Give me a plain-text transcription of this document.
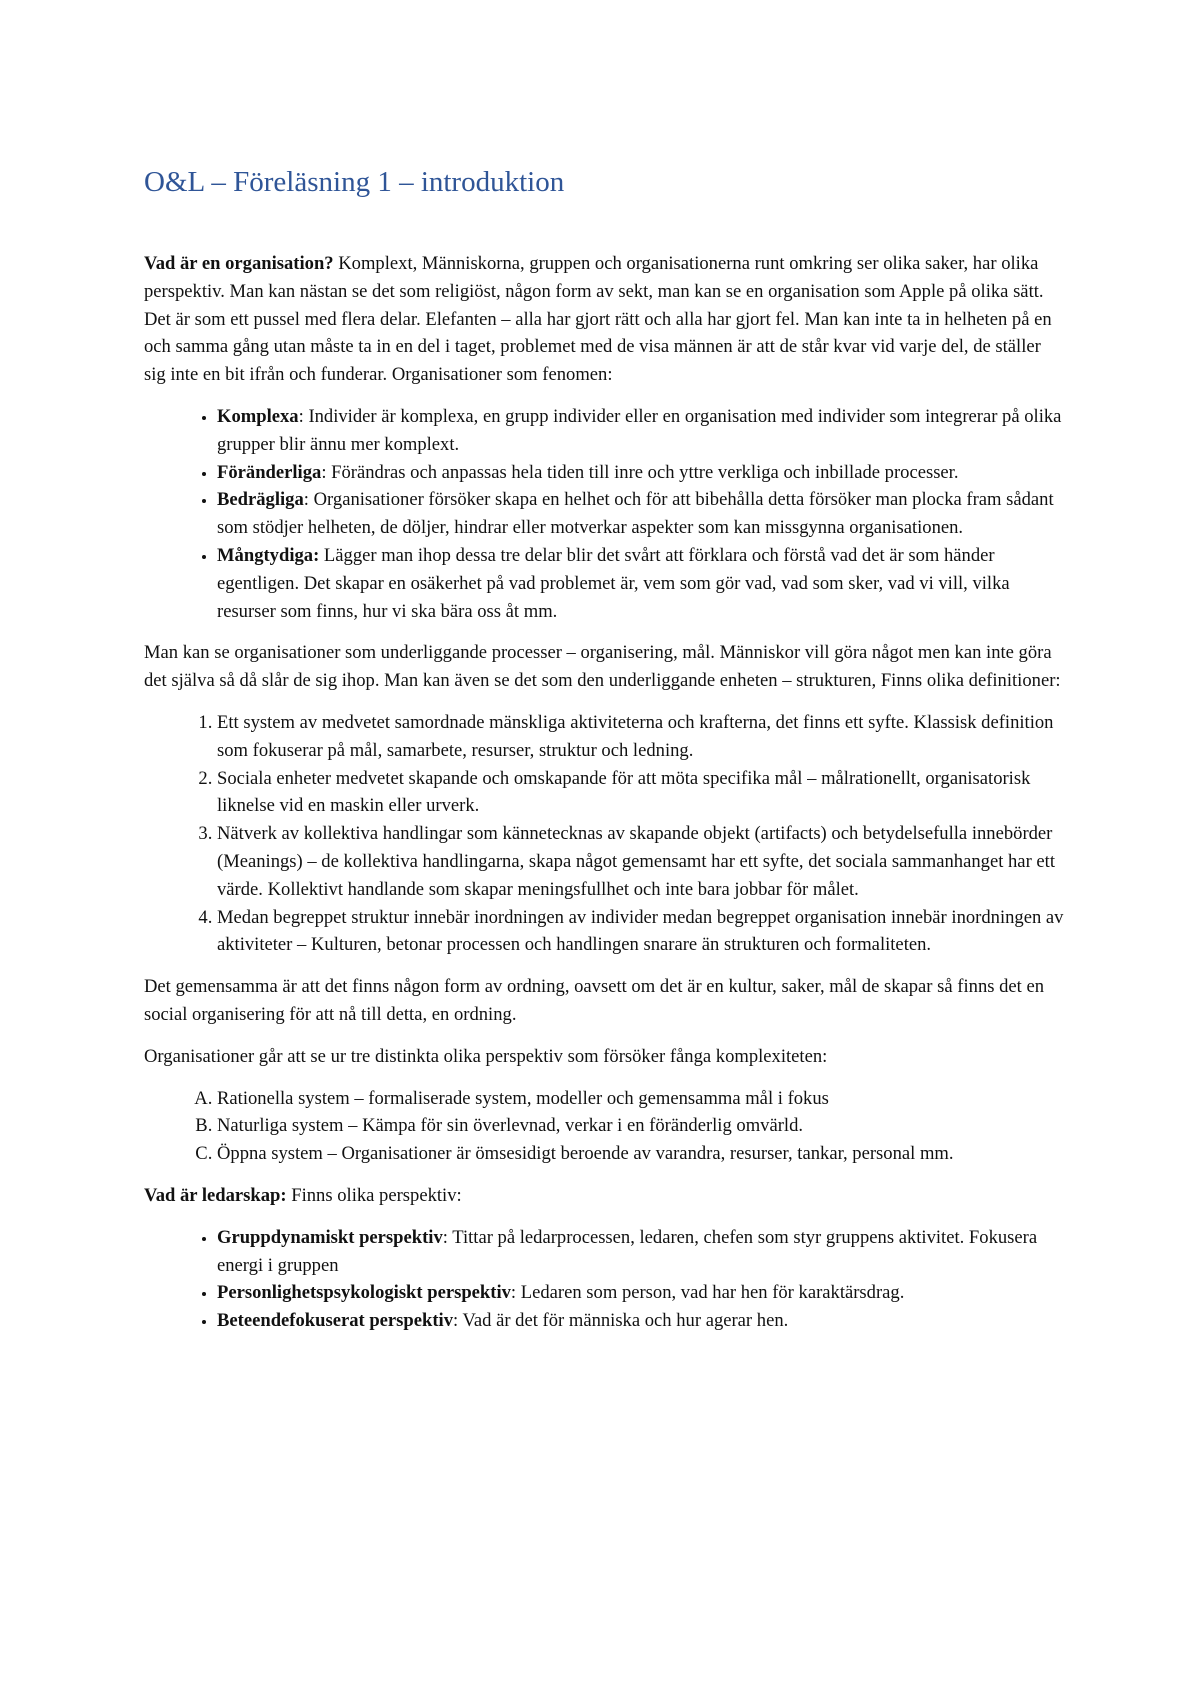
O&L – Föreläsning 1 – introduktion

Vad är en organisation? Komplext, Människorna, gruppen och organisationerna runt omkring ser olika saker, har olika perspektiv. Man kan nästan se det som religiöst, någon form av sekt, man kan se en organisation som Apple på olika sätt. Det är som ett pussel med flera delar. Elefanten – alla har gjort rätt och alla har gjort fel. Man kan inte ta in helheten på en och samma gång utan måste ta in en del i taget, problemet med de visa männen är att de står kvar vid varje del, de ställer sig inte en bit ifrån och funderar. Organisationer som fenomen:

• Komplexa: Individer är komplexa, en grupp individer eller en organisation med individer som integrerar på olika grupper blir ännu mer komplext.
• Föränderliga: Förändras och anpassas hela tiden till inre och yttre verkliga och inbillade processer.
• Bedrägliga: Organisationer försöker skapa en helhet och för att bibehålla detta försöker man plocka fram sådant som stödjer helheten, de döljer, hindrar eller motverkar aspekter som kan missgynna organisationen.
• Mångtydiga: Lägger man ihop dessa tre delar blir det svårt att förklara och förstå vad det är som händer egentligen. Det skapar en osäkerhet på vad problemet är, vem som gör vad, vad som sker, vad vi vill, vilka resurser som finns, hur vi ska bära oss åt mm.

Man kan se organisationer som underliggande processer – organisering, mål. Människor vill göra något men kan inte göra det själva så då slår de sig ihop. Man kan även se det som den underliggande enheten – strukturen, Finns olika definitioner:

1. Ett system av medvetet samordnade mänskliga aktiviteterna och krafterna, det finns ett syfte. Klassisk definition som fokuserar på mål, samarbete, resurser, struktur och ledning.
2. Sociala enheter medvetet skapande och omskapande för att möta specifika mål – målrationellt, organisatorisk liknelse vid en maskin eller urverk.
3. Nätverk av kollektiva handlingar som kännetecknas av skapande objekt (artifacts) och betydelsefulla innebörder (Meanings) – de kollektiva handlingarna, skapa något gemensamt har ett syfte, det sociala sammanhanget har ett värde. Kollektivt handlande som skapar meningsfullhet och inte bara jobbar för målet.
4. Medan begreppet struktur innebär inordningen av individer medan begreppet organisation innebär inordningen av aktiviteter – Kulturen, betonar processen och handlingen snarare än strukturen och formaliteten.

Det gemensamma är att det finns någon form av ordning, oavsett om det är en kultur, saker, mål de skapar så finns det en social organisering för att nå till detta, en ordning.

Organisationer går att se ur tre distinkta olika perspektiv som försöker fånga komplexiteten:

A. Rationella system – formaliserade system, modeller och gemensamma mål i fokus
B. Naturliga system – Kämpa för sin överlevnad, verkar i en föränderlig omvärld.
C. Öppna system – Organisationer är ömsesidigt beroende av varandra, resurser, tankar, personal mm.

Vad är ledarskap: Finns olika perspektiv:

• Gruppdynamiskt perspektiv: Tittar på ledarprocessen, ledaren, chefen som styr gruppens aktivitet. Fokusera energi i gruppen
• Personlighetspsykologiskt perspektiv: Ledaren som person, vad har hen för karaktärsdrag.
• Beteendefokuserat perspektiv: Vad är det för människa och hur agerar hen.
